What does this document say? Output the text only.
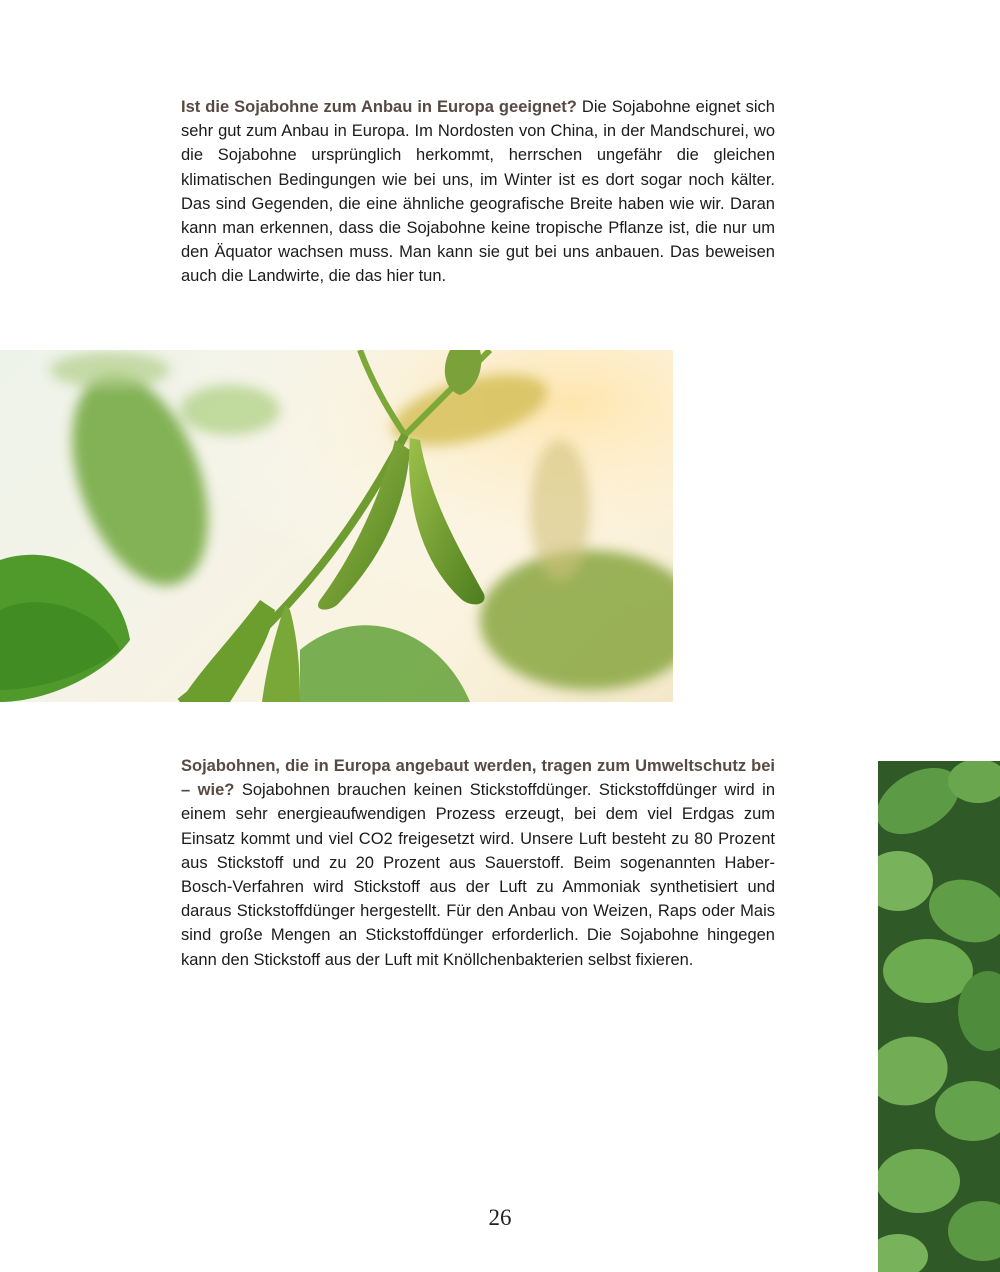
Ist die Sojabohne zum Anbau in Europa geeignet? Die Sojabohne eignet sich sehr gut zum Anbau in Europa. Im Nordosten von China, in der Mandschurei, wo die Sojabohne ursprünglich herkommt, herrschen ungefähr die gleichen klimatischen Bedingungen wie bei uns, im Winter ist es dort sogar noch kälter. Das sind Gegenden, die eine ähnliche geografische Breite haben wie wir. Daran kann man erkennen, dass die Sojabohne keine tropische Pflanze ist, die nur um den Äquator wachsen muss. Man kann sie gut bei uns anbauen. Das beweisen auch die Landwirte, die das hier tun.

Sojabohnen, die in Europa angebaut werden, tragen zum Umweltschutz bei – wie? Sojabohnen brauchen keinen Stickstoffdünger. Stickstoffdünger wird in einem sehr energieaufwendigen Prozess erzeugt, bei dem viel Erdgas zum Einsatz kommt und viel CO2 freigesetzt wird. Unsere Luft besteht zu 80 Prozent aus Stickstoff und zu 20 Prozent aus Sauerstoff. Beim sogenannten Haber-Bosch-Verfahren wird Stickstoff aus der Luft zu Ammoniak synthetisiert und daraus Stickstoffdünger hergestellt. Für den Anbau von Weizen, Raps oder Mais sind große Mengen an Stickstoffdünger erforderlich. Die Sojabohne hingegen kann den Stickstoff aus der Luft mit Knöllchenbakterien selbst fixieren.

26
